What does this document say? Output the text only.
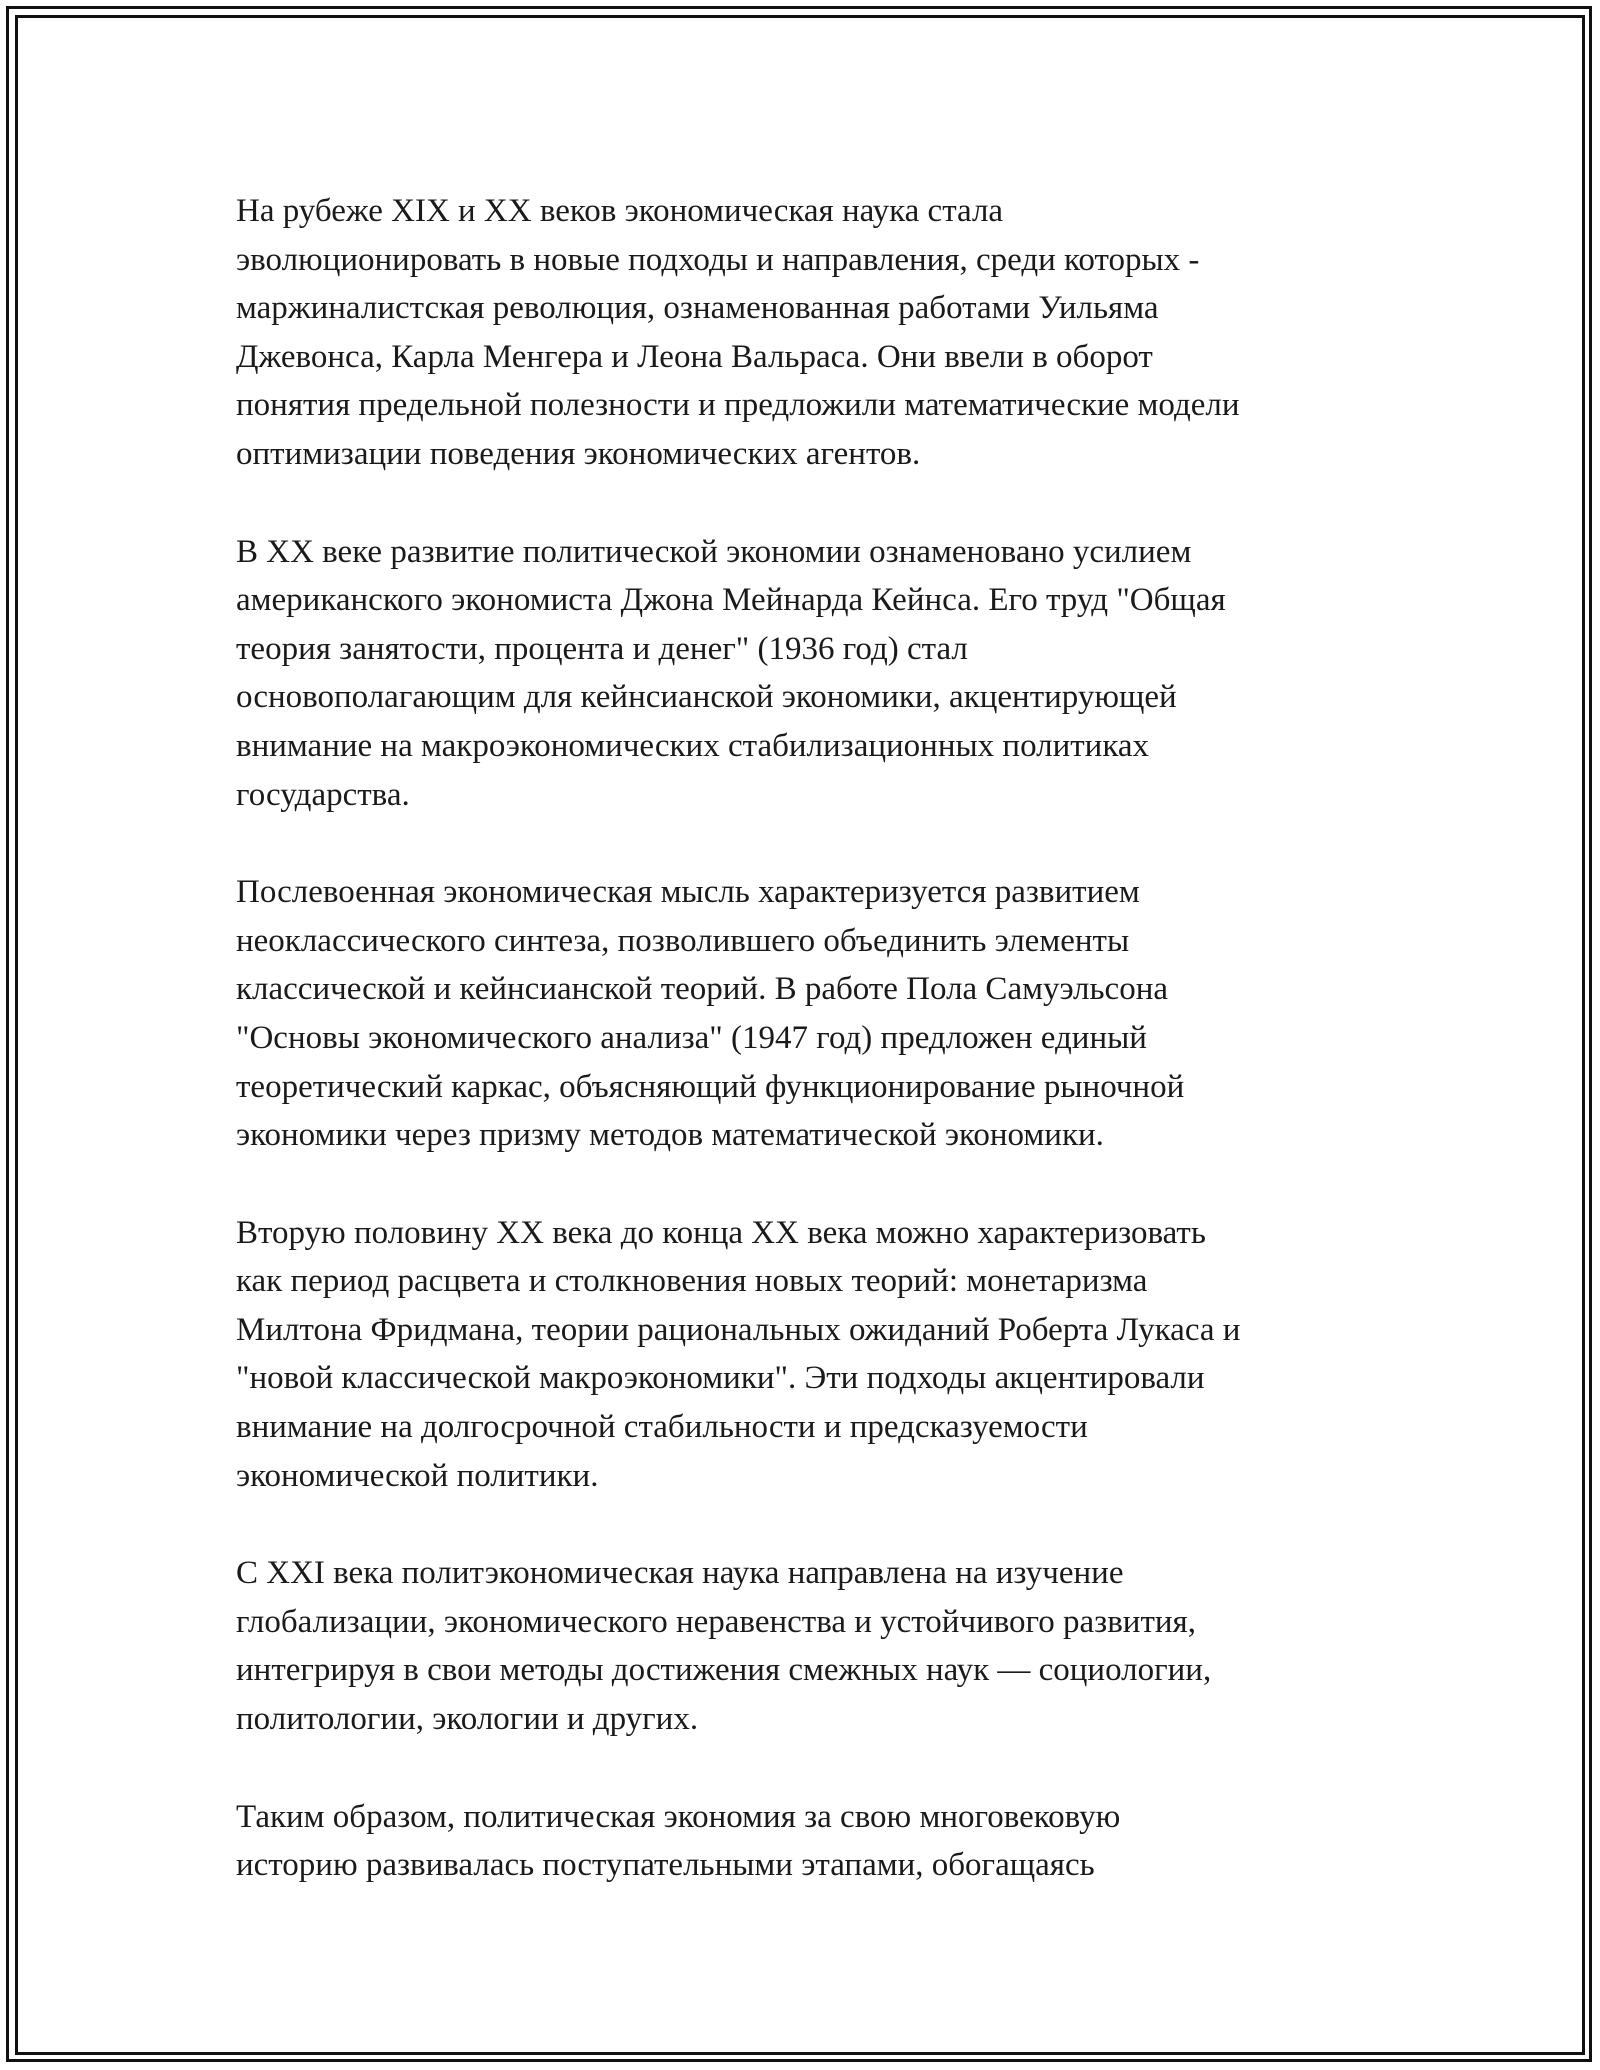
На рубеже XIX и XX веков экономическая наука стала
эволюционировать в новые подходы и направления, среди которых -
маржиналистская революция, ознаменованная работами Уильяма
Джевонса, Карла Менгера и Леона Вальраса. Они ввели в оборот
понятия предельной полезности и предложили математические модели
оптимизации поведения экономических агентов.

В XX веке развитие политической экономии ознаменовано усилием
американского экономиста Джона Мейнарда Кейнса. Его труд "Общая
теория занятости, процента и денег" (1936 год) стал
основополагающим для кейнсианской экономики, акцентирующей
внимание на макроэкономических стабилизационных политиках
государства.

Послевоенная экономическая мысль характеризуется развитием
неоклассического синтеза, позволившего объединить элементы
классической и кейнсианской теорий. В работе Пола Самуэльсона
"Основы экономического анализа" (1947 год) предложен единый
теоретический каркас, объясняющий функционирование рыночной
экономики через призму методов математической экономики.

Вторую половину XX века до конца XX века можно характеризовать
как период расцвета и столкновения новых теорий: монетаризма
Милтона Фридмана, теории рациональных ожиданий Роберта Лукаса и
"новой классической макроэкономики". Эти подходы акцентировали
внимание на долгосрочной стабильности и предсказуемости
экономической политики.

С XXI века политэкономическая наука направлена на изучение
глобализации, экономического неравенства и устойчивого развития,
интегрируя в свои методы достижения смежных наук — социологии,
политологии, экологии и других.

Таким образом, политическая экономия за свою многовековую
историю развивалась поступательными этапами, обогащаясь
